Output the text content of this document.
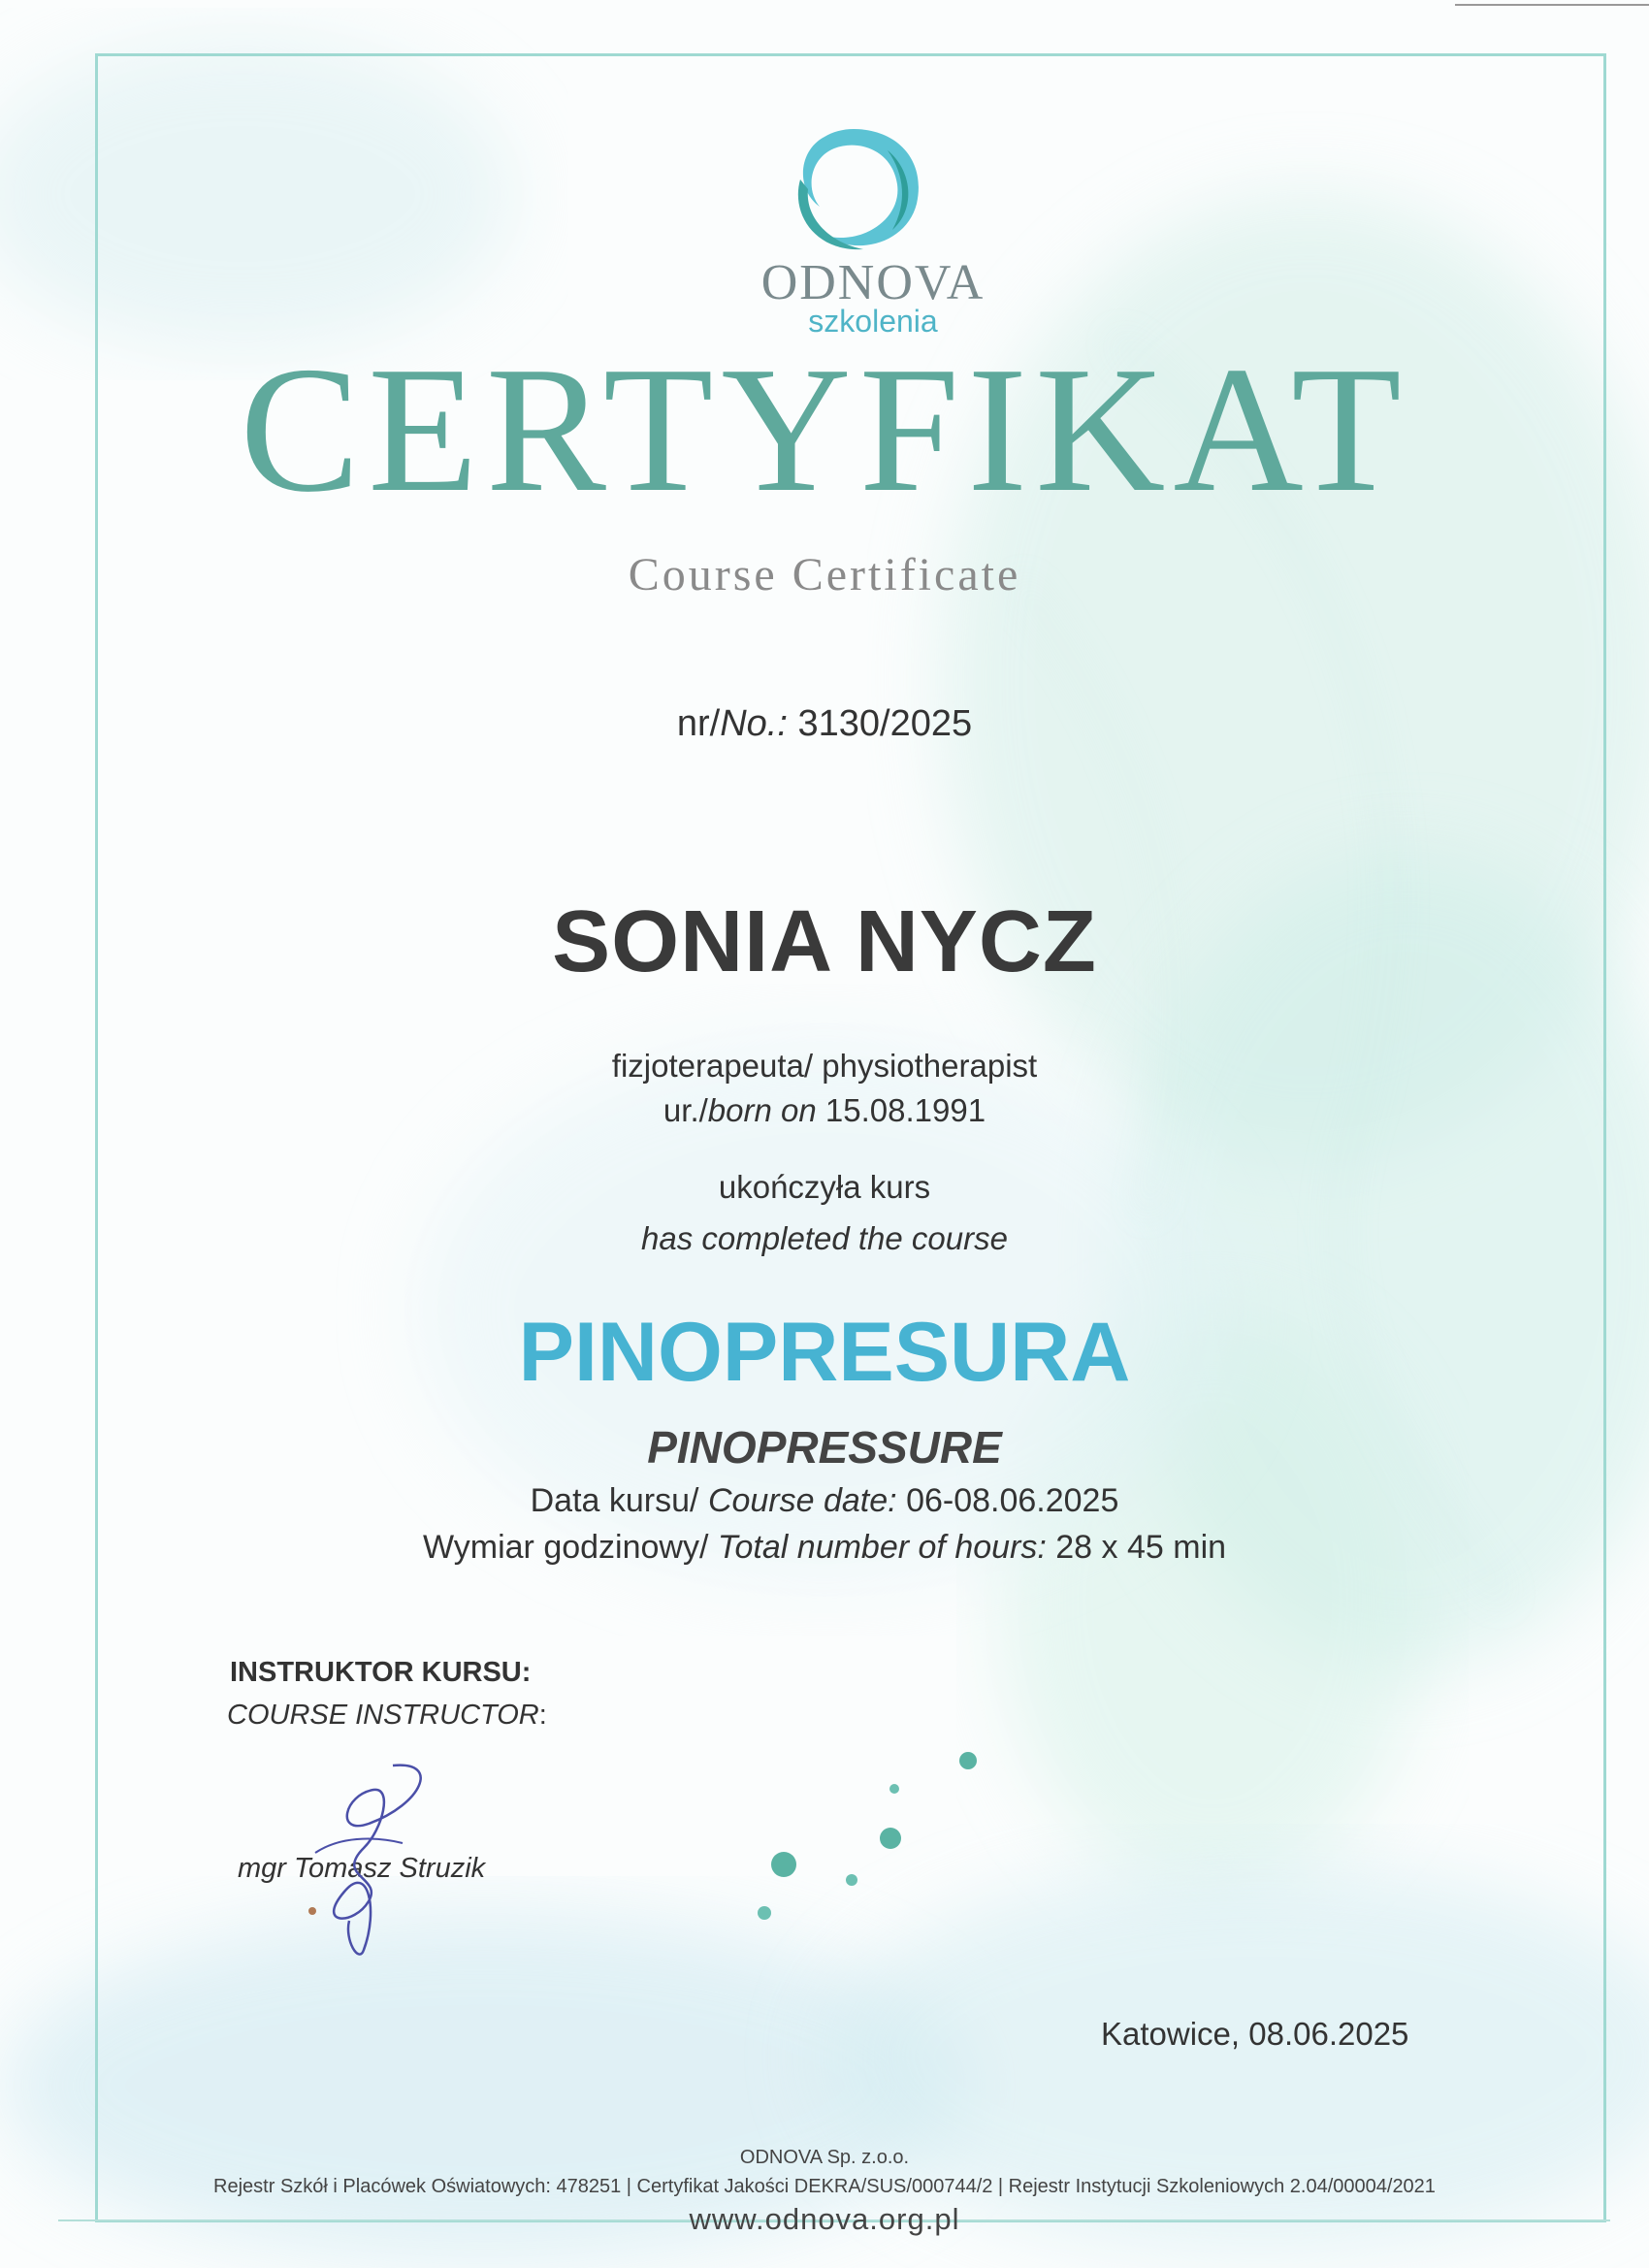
ODNOVA
szkolenia
CERTYFIKAT
Course Certificate
nr/No.: 3130/2025
SONIA NYCZ
fizjoterapeuta/ physiotherapist
ur./born on 15.08.1991
ukończyła kurs
has completed the course
PINOPRESURA
PINOPRESSURE
Data kursu/ Course date: 06-08.06.2025
Wymiar godzinowy/ Total number of hours: 28 x 45 min
INSTRUKTOR KURSU:
COURSE INSTRUCTOR:
mgr Tomasz Struzik
Katowice, 08.06.2025
ODNOVA Sp. z.o.o.
Rejestr Szkół i Placówek Oświatowych: 478251 | Certyfikat Jakości DEKRA/SUS/000744/2 | Rejestr Instytucji Szkoleniowych 2.04/00004/2021
www.odnova.org.pl
